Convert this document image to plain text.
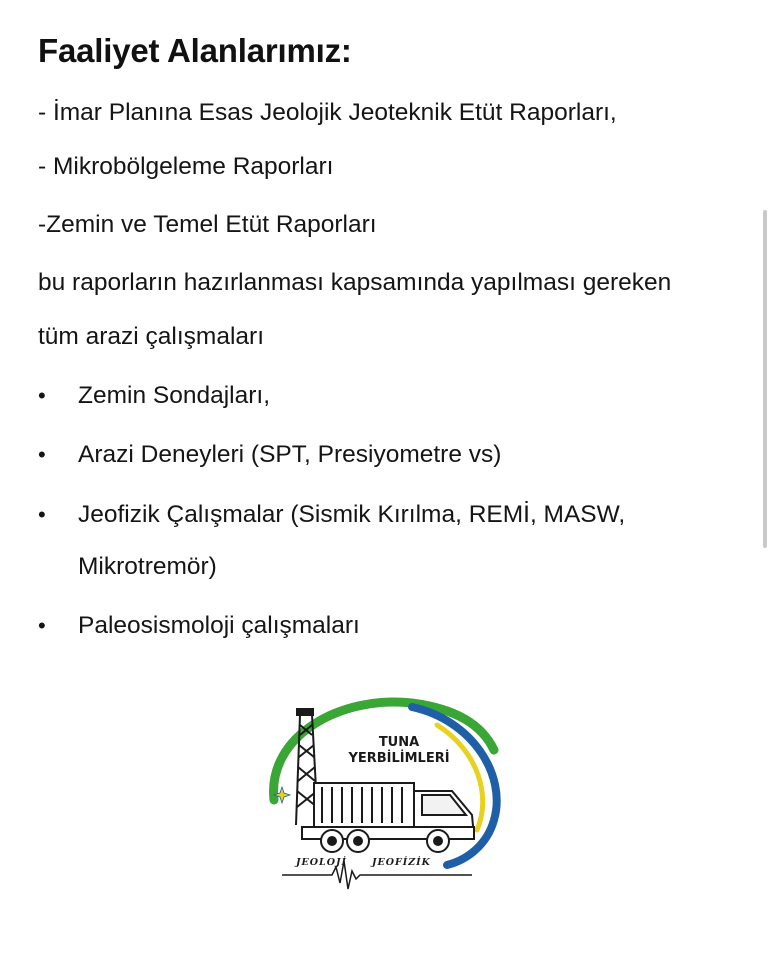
Faaliyet Alanlarımız:

- İmar Planına Esas Jeolojik Jeoteknik Etüt Raporları,

- Mikrobölgeleme Raporları

-Zemin ve Temel Etüt Raporları

bu raporların hazırlanması kapsamında yapılması gereken

tüm arazi çalışmaları

•	Zemin Sondajları,
•	Arazi Deneyleri (SPT, Presiyometre vs)
•	Jeofizik Çalışmalar (Sismik Kırılma, REMİ, MASW,
Mikrotremör)
•	Paleosismoloji çalışmaları
TUNA
YERBİLİMLERİ
JEOLOJİ	JEOFİZİK
